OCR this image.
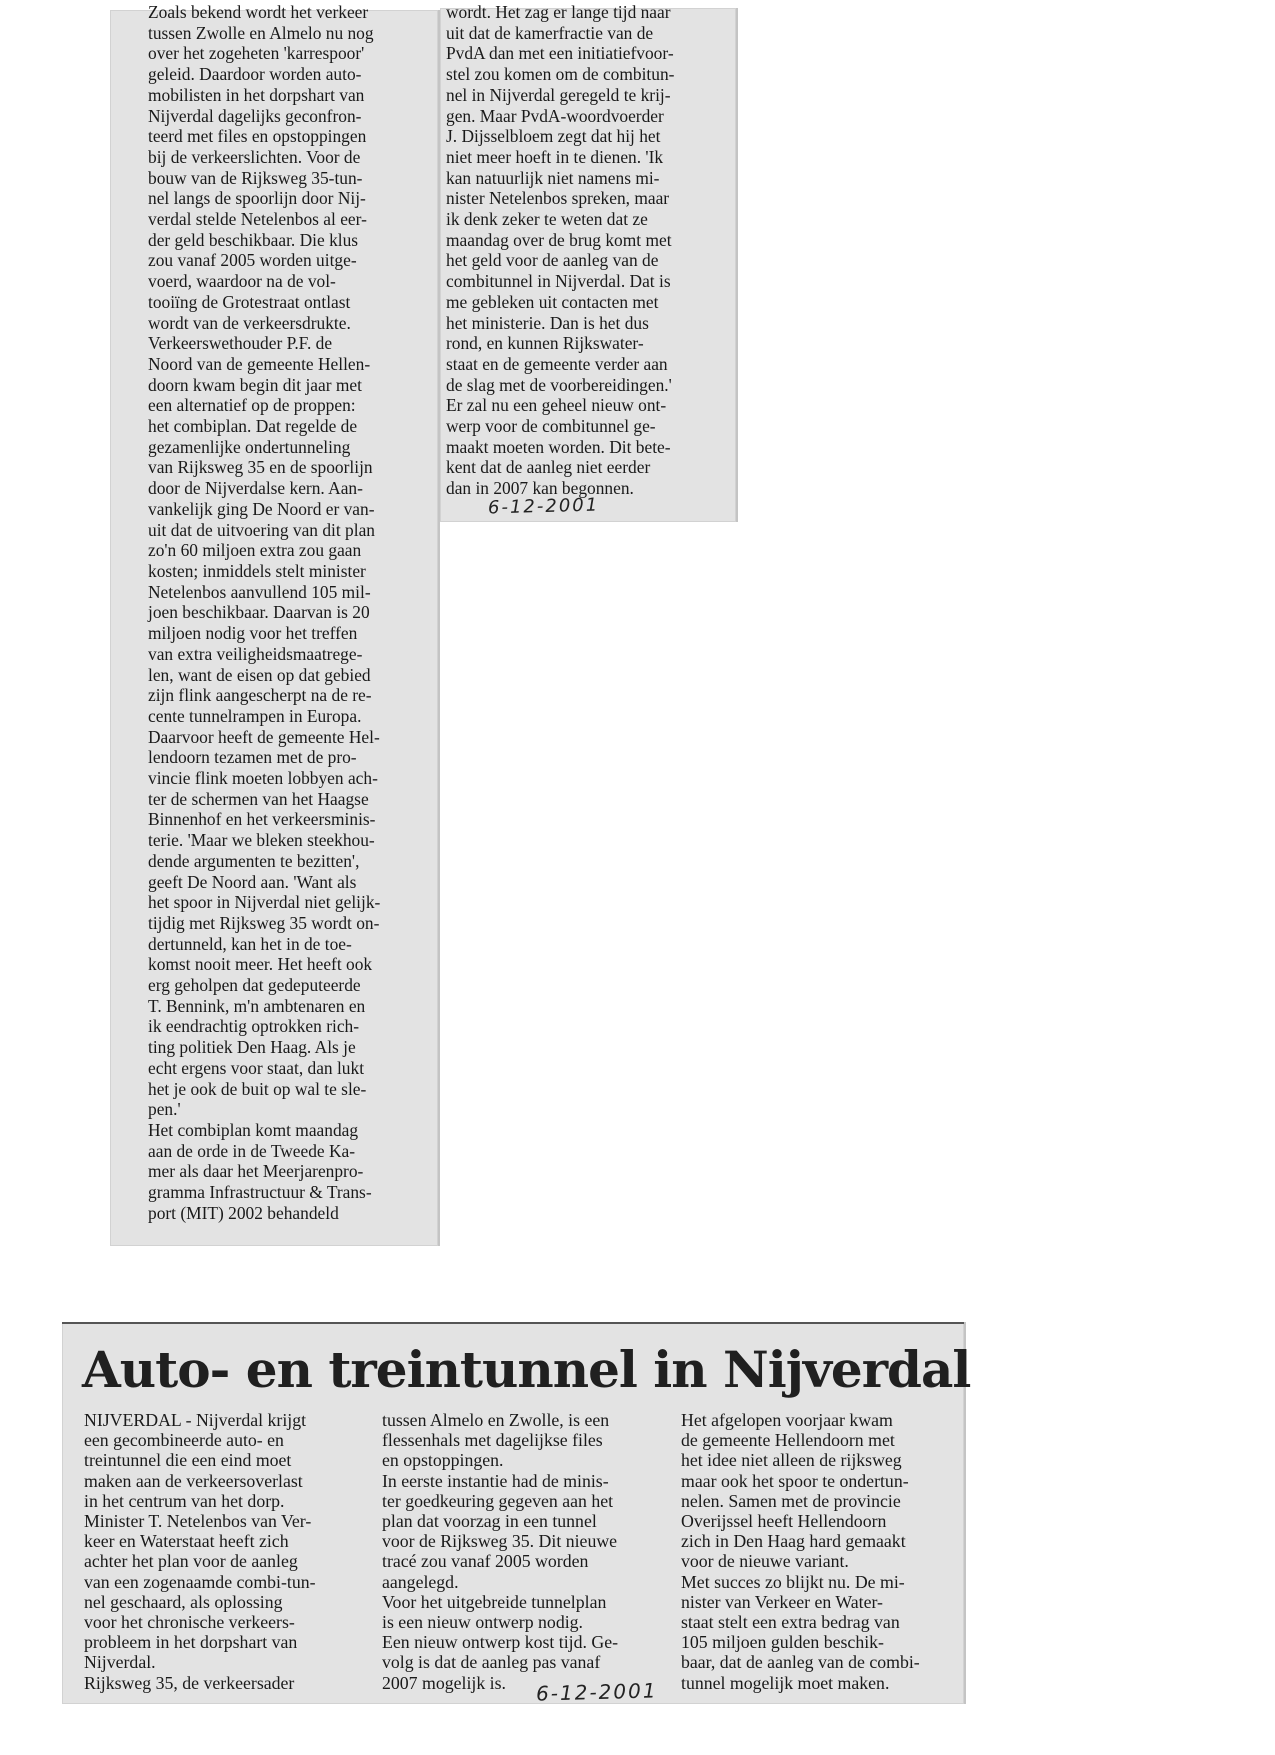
Zoals bekend wordt het verkeer
tussen Zwolle en Almelo nu nog
over het zogeheten 'karrespoor'
geleid. Daardoor worden auto-
mobilisten in het dorpshart van
Nijverdal dagelijks geconfron-
teerd met files en opstoppingen
bij de verkeerslichten. Voor de
bouw van de Rijksweg 35-tun-
nel langs de spoorlijn door Nij-
verdal stelde Netelenbos al eer-
der geld beschikbaar. Die klus
zou vanaf 2005 worden uitge-
voerd, waardoor na de vol-
tooiïng de Grotestraat ontlast
wordt van de verkeersdrukte.

Verkeerswethouder P.F. de
Noord van de gemeente Hellen-
doorn kwam begin dit jaar met
een alternatief op de proppen:
het combiplan. Dat regelde de
gezamenlijke ondertunneling
van Rijksweg 35 en de spoorlijn
door de Nijverdalse kern. Aan-
vankelijk ging De Noord er van-
uit dat de uitvoering van dit plan
zo'n 60 miljoen extra zou gaan
kosten; inmiddels stelt minister
Netelenbos aanvullend 105 mil-
joen beschikbaar. Daarvan is 20
miljoen nodig voor het treffen
van extra veiligheidsmaatrege-
len, want de eisen op dat gebied
zijn flink aangescherpt na de re-
cente tunnelrampen in Europa.

Daarvoor heeft de gemeente Hel-
lendoorn tezamen met de pro-
vincie flink moeten lobbyen ach-
ter de schermen van het Haagse
Binnenhof en het verkeersminis-
terie. 'Maar we bleken steekhou-
dende argumenten te bezitten',
geeft De Noord aan. 'Want als
het spoor in Nijverdal niet gelijk-
tijdig met Rijksweg 35 wordt on-
dertunneld, kan het in de toe-
komst nooit meer. Het heeft ook
erg geholpen dat gedeputeerde
T. Bennink, m'n ambtenaren en
ik eendrachtig optrokken rich-
ting politiek Den Haag. Als je
echt ergens voor staat, dan lukt
het je ook de buit op wal te sle-
pen.'

Het combiplan komt maandag
aan de orde in de Tweede Ka-
mer als daar het Meerjarenpro-
gramma Infrastructuur & Trans-
port (MIT) 2002 behandeld

wordt. Het zag er lange tijd naar
uit dat de kamerfractie van de
PvdA dan met een initiatiefvoor-
stel zou komen om de combitun-
nel in Nijverdal geregeld te krij-
gen. Maar PvdA-woordvoerder
J. Dijsselbloem zegt dat hij het
niet meer hoeft in te dienen. 'Ik
kan natuurlijk niet namens mi-
nister Netelenbos spreken, maar
ik denk zeker te weten dat ze
maandag over de brug komt met
het geld voor de aanleg van de
combitunnel in Nijverdal. Dat is
me gebleken uit contacten met
het ministerie. Dan is het dus
rond, en kunnen Rijkswater-
staat en de gemeente verder aan
de slag met de voorbereidingen.'

Er zal nu een geheel nieuw ont-
werp voor de combitunnel ge-
maakt moeten worden. Dit bete-
kent dat de aanleg niet eerder
dan in 2007 kan begonnen.

6-12-2001
Auto- en treintunnel in Nijverdal

NIJVERDAL - Nijverdal krijgt
een gecombineerde auto- en
treintunnel die een eind moet
maken aan de verkeersoverlast
in het centrum van het dorp.

Minister T. Netelenbos van Ver-
keer en Waterstaat heeft zich
achter het plan voor de aanleg
van een zogenaamde combi-tun-
nel geschaard, als oplossing
voor het chronische verkeers-
probleem in het dorpshart van
Nijverdal.

Rijksweg 35, de verkeersader

tussen Almelo en Zwolle, is een
flessenhals met dagelijkse files
en opstoppingen.

In eerste instantie had de minis-
ter goedkeuring gegeven aan het
plan dat voorzag in een tunnel
voor de Rijksweg 35. Dit nieuwe
tracé zou vanaf 2005 worden
aangelegd.

Voor het uitgebreide tunnelplan
is een nieuw ontwerp nodig.
Een nieuw ontwerp kost tijd. Ge-
volg is dat de aanleg pas vanaf
2007 mogelijk is.

Het afgelopen voorjaar kwam
de gemeente Hellendoorn met
het idee niet alleen de rijksweg
maar ook het spoor te ondertun-
nelen. Samen met de provincie
Overijssel heeft Hellendoorn
zich in Den Haag hard gemaakt
voor de nieuwe variant.

Met succes zo blijkt nu. De mi-
nister van Verkeer en Water-
staat stelt een extra bedrag van
105 miljoen gulden beschik-
baar, dat de aanleg van de combi-
tunnel mogelijk moet maken.

6-12-2001
